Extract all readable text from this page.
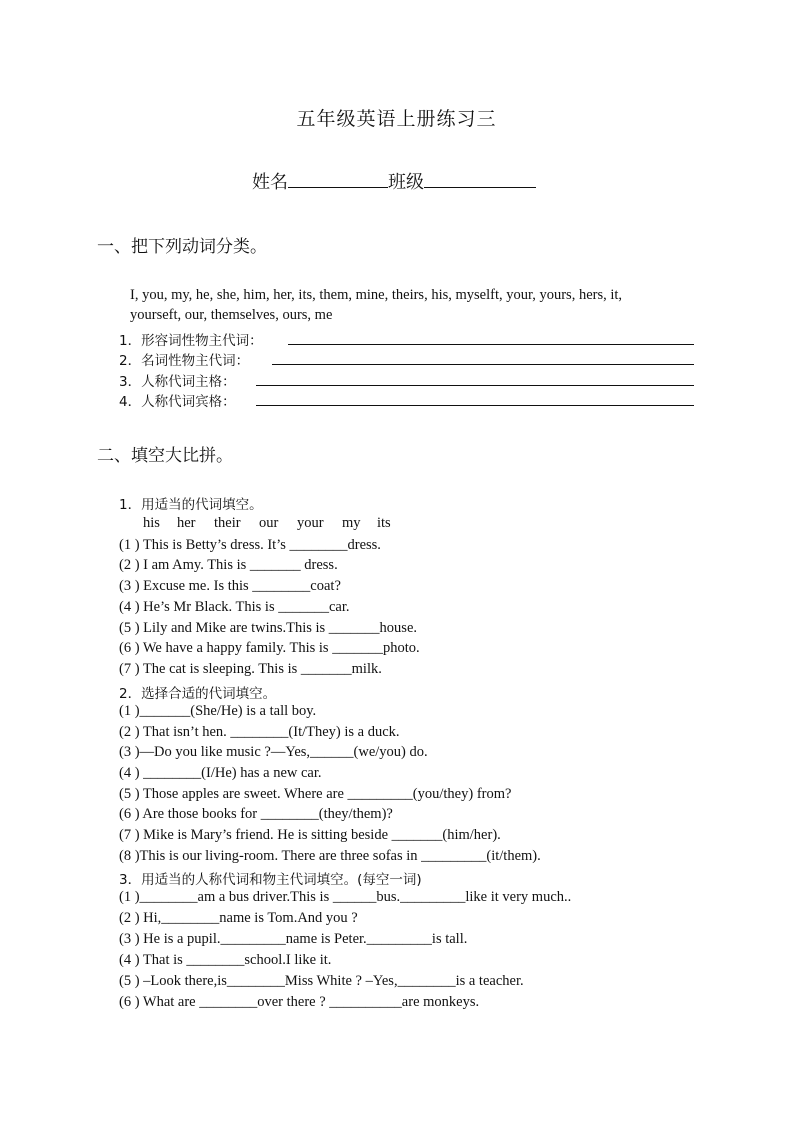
五年级英语上册练习三
姓名	班级
一、把下列动词分类。
I, you, my, he, she, him, her, its, them, mine, theirs, his, myselft, your, yours, hers, it,
yourseft, our, themselves, ours, me
1．形容词性物主代词：
2．名词性物主代词：
3．人称代词主格：
4．人称代词宾格：
二、填空大比拼。
1．用适当的代词填空。
his her their our your my its
(1 ) This is Betty’s dress. It’s ________dress.
(2 ) I am Amy. This is _______ dress.
(3 ) Excuse me. Is this ________coat?
(4 ) He’s Mr Black. This is _______car.
(5 ) Lily and Mike are twins.This is _______house.
(6 ) We have a happy family. This is _______photo.
(7 ) The cat is sleeping. This is _______milk.
2．选择合适的代词填空。
(1 )_______(She/He) is a tall boy.
(2 ) That isn’t hen. ________(It/They) is a duck.
(3 )—Do you like music ?—Yes,______(we/you) do.
(4 ) ________(I/He) has a new car.
(5 ) Those apples are sweet. Where are _________(you/they) from?
(6 ) Are those books for ________(they/them)?
(7 ) Mike is Mary’s friend. He is sitting beside _______(him/her).
(8 )This is our living-room. There are three sofas in _________(it/them).
3．用适当的人称代词和物主代词填空。(每空一词)
(1 )________am a bus driver.This is ______bus._________like it very much..
(2 ) Hi,________name is Tom.And you ?
(3 ) He is a pupil._________name is Peter._________is tall.
(4 ) That is ________school.I like it.
(5 ) –Look there,is________Miss White ? –Yes,________is a teacher.
(6 ) What are ________over there ? __________are monkeys.
